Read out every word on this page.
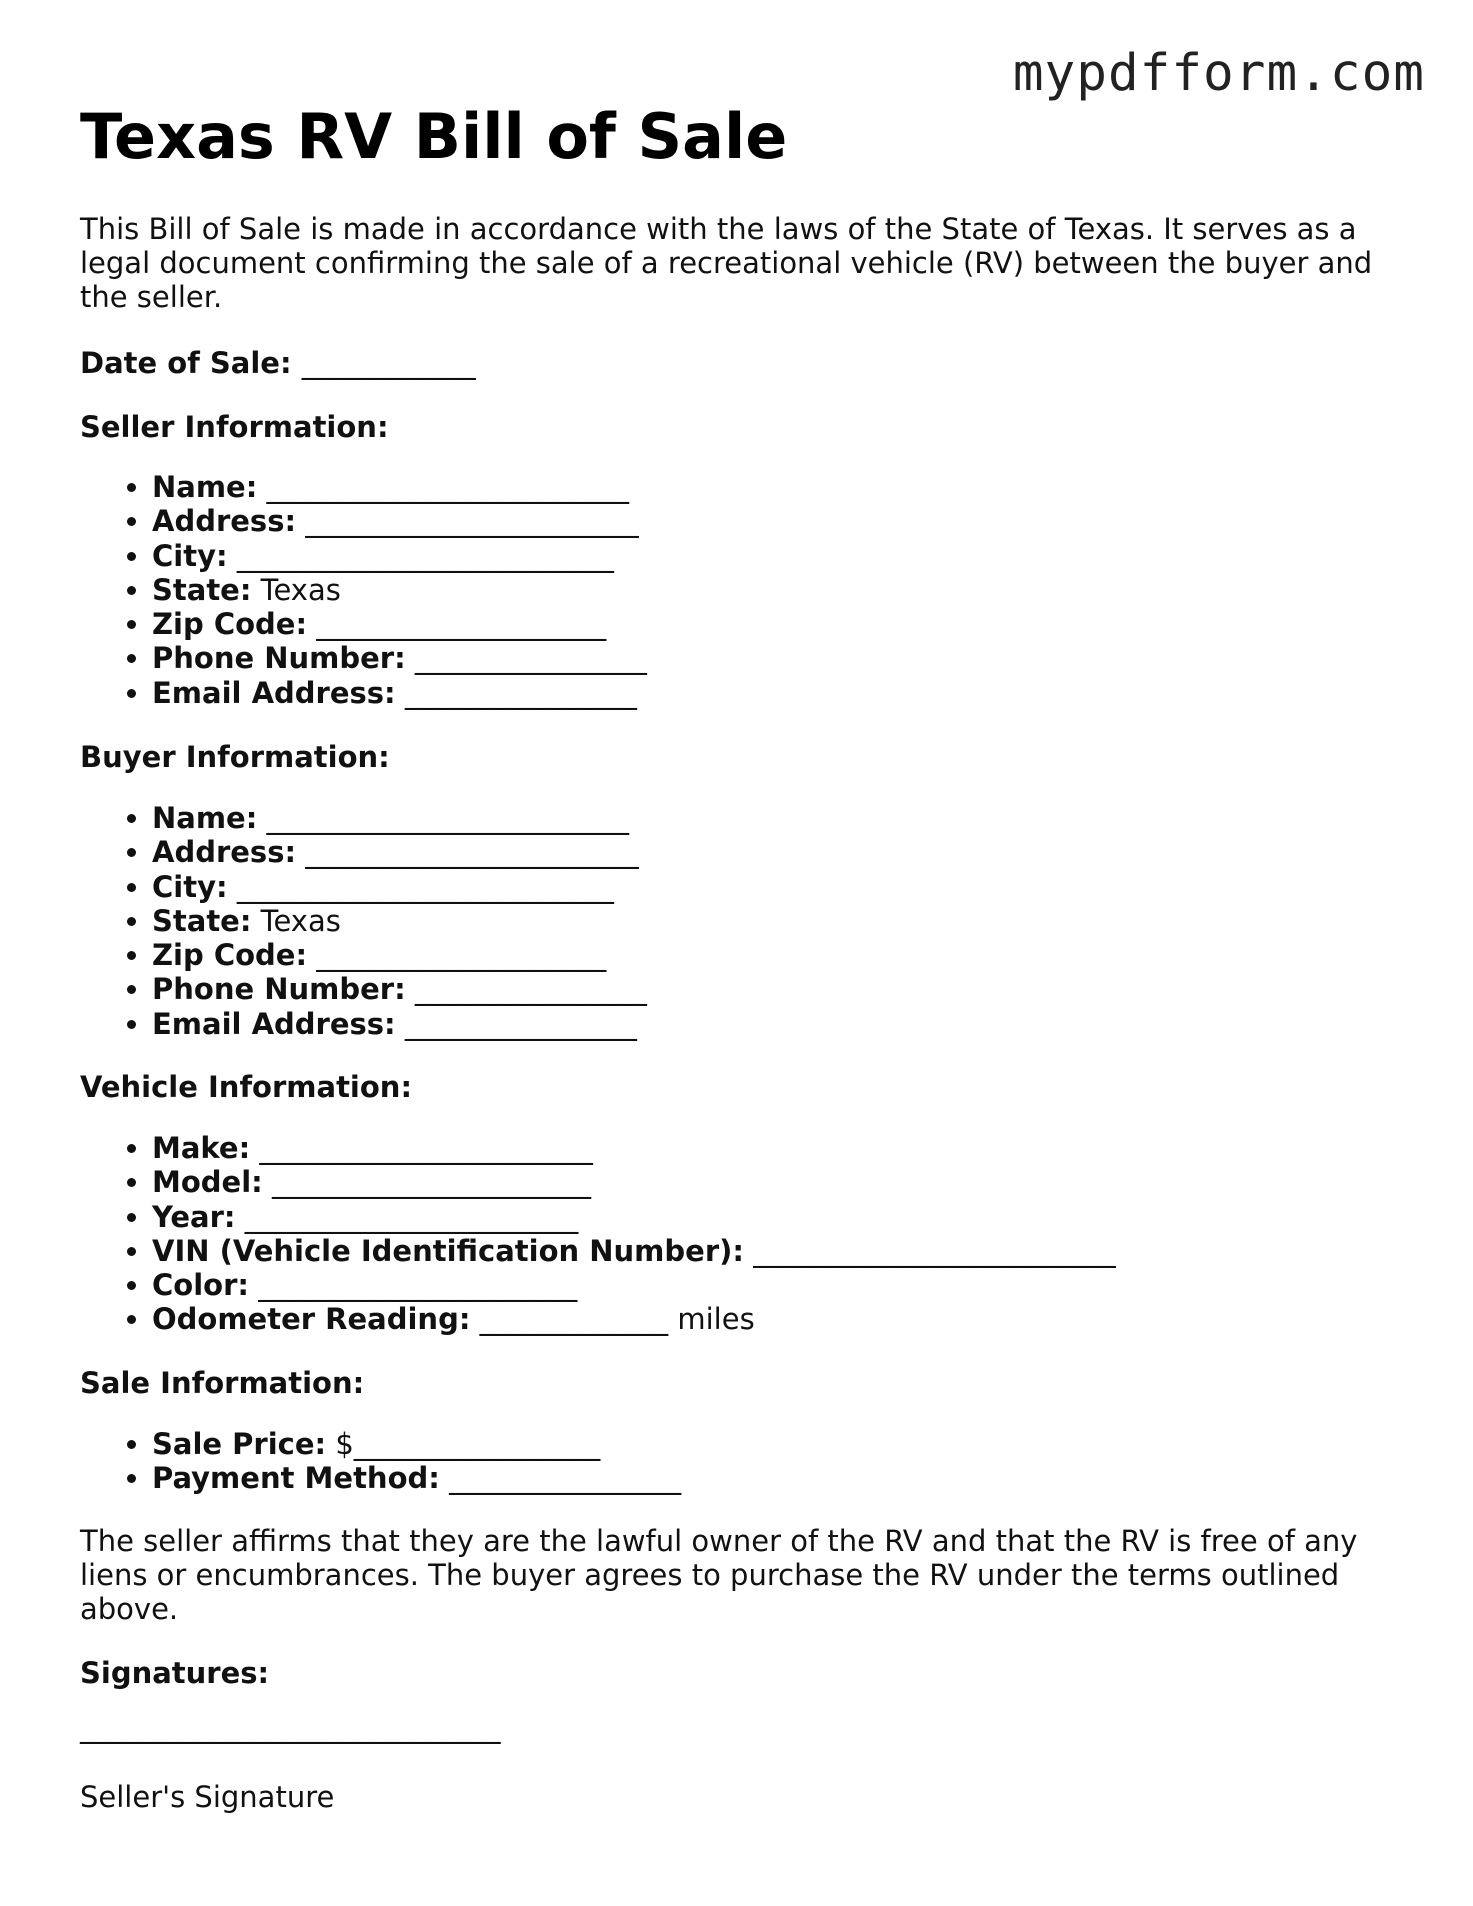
mypdfform.com
Texas RV Bill of Sale

This Bill of Sale is made in accordance with the laws of the State of Texas. It serves as a legal document confirming the sale of a recreational vehicle (RV) between the buyer and the seller.

Date of Sale: ____________

Seller Information:

• Name: _________________________
• Address: _______________________
• City: __________________________
• State: Texas
• Zip Code: ____________________
• Phone Number: ________________
• Email Address: ________________

Buyer Information:

• Name: _________________________
• Address: _______________________
• City: __________________________
• State: Texas
• Zip Code: ____________________
• Phone Number: ________________
• Email Address: ________________

Vehicle Information:

• Make: _______________________
• Model: ______________________
• Year: _______________________
• VIN (Vehicle Identification Number): _________________________
• Color: ______________________
• Odometer Reading: _____________ miles

Sale Information:

• Sale Price: $_________________
• Payment Method: ________________

The seller affirms that they are the lawful owner of the RV and that the RV is free of any liens or encumbrances. The buyer agrees to purchase the RV under the terms outlined above.

Signatures:

_____________________________
Seller's Signature
